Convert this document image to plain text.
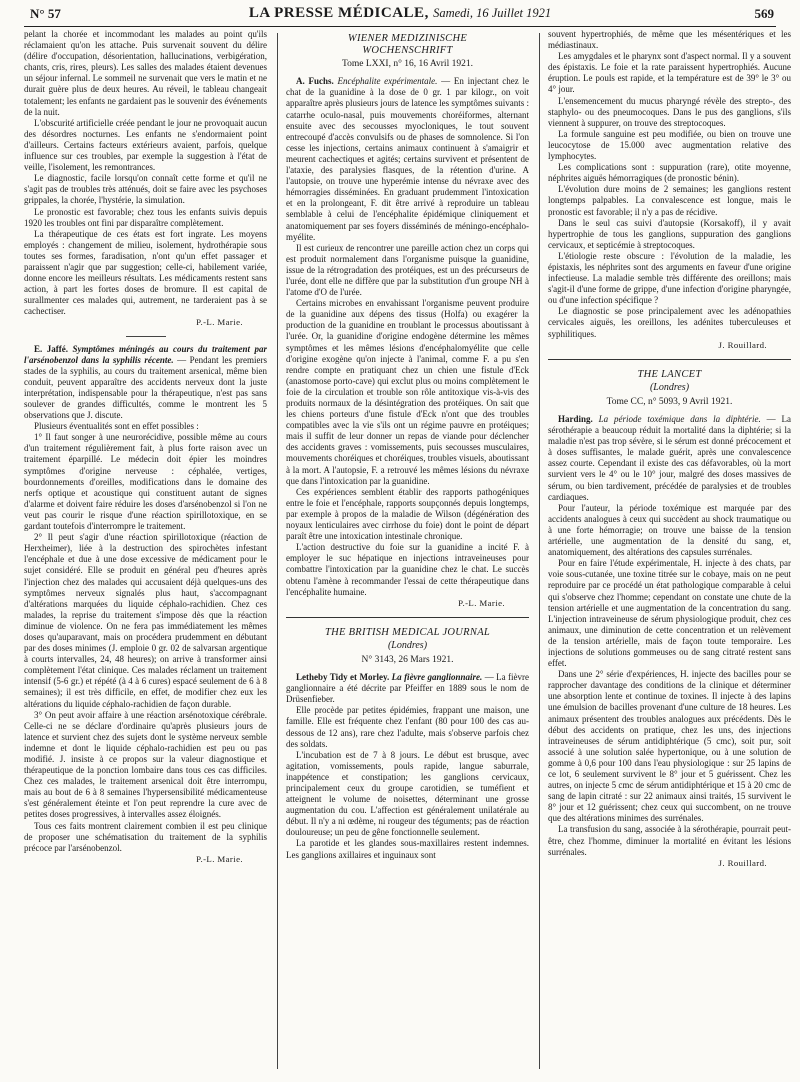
N° 57	LA PRESSE MÉDICALE, Samedi, 16 Juillet 1921	569

pelant la chorée et incommodant les malades au point qu'ils réclamaient qu'on les attache. Puis survenait souvent du délire (délire d'occupation, désorientation, hallucinations, verbigération, chants, cris, rires, pleurs). Les salles des malades étaient devenues un séjour infernal. Le sommeil ne survenait que vers le matin et ne durait guère plus de deux heures. Au réveil, le tableau changeait totalement; les enfants ne gardaient pas le souvenir des événements de la nuit.

L'obscurité artificielle créée pendant le jour ne provoquait aucun des désordres nocturnes. Les enfants ne s'endormaient point d'ailleurs. Certains facteurs extérieurs avaient, parfois, quelque influence sur ces troubles, par exemple la suggestion à l'état de veille, l'isolement, les remontrances.

Le diagnostic, facile lorsqu'on connaît cette forme et qu'il ne s'agit pas de troubles très atténués, doit se faire avec les psychoses grippales, la chorée, l'hystérie, la simulation.

Le pronostic est favorable; chez tous les enfants suivis depuis 1920 les troubles ont fini par disparaître complètement.

La thérapeutique de ces états est fort ingrate. Les moyens employés : changement de milieu, isolement, hydrothérapie sous toutes ses formes, faradisation, n'ont qu'un effet passager et paraissent n'agir que par suggestion; celle-ci, habilement variée, donne encore les meilleurs résultats. Les médicaments restent sans action, à part les fortes doses de bromure. Il est capital de surallmenter ces malades qui, autrement, ne tarderaient pas à se cachectiser.

P.-L. Marie.

E. Jaffé. Symptômes méningés au cours du traitement par l'arsénobenzol dans la syphilis récente. — Pendant les premiers stades de la syphilis, au cours du traitement arsenical, même bien conduit, peuvent apparaître des accidents nerveux dont la juste interprétation, indispensable pour la thérapeutique, n'est pas sans soulever de grandes difficultés, comme le montrent les 5 observations que J. discute.

Plusieurs éventualités sont en effet possibles :

1° Il faut songer à une neurorécidive, possible même au cours d'un traitement régulièrement fait, à plus forte raison avec un traitement éparpillé. Le médecin doit épier les moindres symptômes d'origine nerveuse : céphalée, vertiges, bourdonnements d'oreilles, modifications dans le domaine des nerfs optique et acoustique qui constituent autant de signes d'alarme et doivent faire réduire les doses d'arsénobenzol si l'on ne veut pas courir le risque d'une réaction spirillotoxique, en se gardant toutefois d'interrompre le traitement.

2° Il peut s'agir d'une réaction spirillotoxique (réaction de Herxheimer), liée à la destruction des spirochètes infestant l'encéphale et due à une dose excessive de médicament pour le sujet considéré. Elle se produit en général peu d'heures après l'injection chez des malades qui accusaient déjà quelques-uns des symptômes nerveux signalés plus haut, s'accompagnant d'altérations marquées du liquide céphalo-rachidien. Chez ces malades, la reprise du traitement s'impose dès que la réaction diminue de violence. On ne fera pas immédiatement les mêmes doses qu'auparavant, mais on procédera prudemment en débutant par des doses minimes (J. emploie 0 gr. 02 de salvarsan argentique à courts intervalles, 24, 48 heures); on arrive à transformer ainsi complètement l'état clinique. Ces malades réclament un traitement intensif (5-6 gr.) et répété (à 4 à 6 cures) espacé seulement de 6 à 8 semaines); il est très difficile, en effet, de modifier chez eux les altérations du liquide céphalo-rachidien de façon durable.

3° On peut avoir affaire à une réaction arsénotoxique cérébrale. Celle-ci ne se déclare d'ordinaire qu'après plusieurs jours de latence et survient chez des sujets dont le système nerveux semble indemne et dont le liquide céphalo-rachidien est peu ou pas modifié. J. insiste à ce propos sur la valeur diagnostique et thérapeutique de la ponction lombaire dans tous ces cas difficiles. Chez ces malades, le traitement arsenical doit être interrompu, mais au bout de 6 à 8 semaines l'hypersensibilité médicamenteuse s'est généralement éteinte et l'on peut reprendre la cure avec de petites doses progressives, à intervalles assez éloignés.

Tous ces faits montrent clairement combien il est peu clinique de proposer une schématisation du traitement de la syphilis précoce par l'arsénobenzol.

P.-L. Marie.

WIENER MEDIZINISCHE

WOCHENSCHRIFT

Tome LXXI, n° 16, 16 Avril 1921.

A. Fuchs. Encéphalite expérimentale. — En injectant chez le chat de la guanidine à la dose de 0 gr. 1 par kilogr., on voit apparaître après plusieurs jours de latence les symptômes suivants : catarrhe oculo-nasal, puis mouvements choréiformes, alternant ensuite avec des secousses myocloniques, le tout souvent entrecoupé d'accès convulsifs ou de phases de somnolence. Si l'on cesse les injections, certains animaux continuent à s'amaigrir et meurent cachectiques et agités; certains survivent et présentent de l'ataxie, des paralysies flasques, de la rétention d'urine. A l'autopsie, on trouve une hyperémie intense du névraxe avec des hémorragies disséminées. En graduant prudemment l'intoxication et en la prolongeant, F. dit être arrivé à reproduire un tableau semblable à celui de l'encéphalite épidémique cliniquement et anatomiquement par ses foyers disséminés de méningo-encéphalo-myélite.

Il est curieux de rencontrer une pareille action chez un corps qui est produit normalement dans l'organisme puisque la guanidine, issue de la rétrogradation des protéiques, est un des précurseurs de l'urée, dont elle ne diffère que par la substitution d'un groupe NH à l'atome d'O de l'urée.

Certains microbes en envahissant l'organisme peuvent produire de la guanidine aux dépens des tissus (Holfa) ou exagérer la production de la guanidine en troublant le processus aboutissant à l'urée. Or, la guanidine d'origine endogène détermine les mêmes symptômes et les mêmes lésions d'encéphalomyélite que celle d'origine exogène qu'on injecte à l'animal, comme F. a pu s'en rendre compte en pratiquant chez un chien une fistule d'Eck (anastomose porto-cave) qui exclut plus ou moins complètement le foie de la circulation et trouble son rôle antitoxique vis-à-vis des produits normaux de la désintégration des protéiques. On sait que les chiens porteurs d'une fistule d'Eck n'ont que des troubles compatibles avec la vie s'ils ont un régime pauvre en protéiques; mais il suffit de leur donner un repas de viande pour déclencher des accidents graves : vomissements, puis secousses musculaires, mouvements choréiques et choréiques, troubles visuels, aboutissant à la mort. A l'autopsie, F. a retrouvé les mêmes lésions du névraxe que dans l'intoxication par la guanidine.

Ces expériences semblent établir des rapports pathogéniques entre le foie et l'encéphale, rapports soupçonnés depuis longtemps, par exemple à propos de la maladie de Wilson (dégénération des noyaux lenticulaires avec cirrhose du foie) dont le point de départ paraît être une intoxication intestinale chronique.

L'action destructive du foie sur la guanidine a incité F. à employer le suc hépatique en injections intraveineuses pour combattre l'intoxication par la guanidine chez le chat. Le succès obtenu l'amène à recommander l'essai de cette thérapeutique dans l'encéphalite humaine.

P.-L. Marie.

THE BRITISH MEDICAL JOURNAL

(Londres)

N° 3143, 26 Mars 1921.

Letheby Tidy et Morley. La fièvre ganglionnaire. — La fièvre ganglionnaire a été décrite par Pfeiffer en 1889 sous le nom de Drüsenfieber.

Elle procède par petites épidémies, frappant une maison, une famille. Elle est fréquente chez l'enfant (80 pour 100 des cas au-dessous de 12 ans), rare chez l'adulte, mais s'observe parfois chez des soldats.

L'incubation est de 7 à 8 jours. Le début est brusque, avec agitation, vomissements, pouls rapide, langue saburrale, inappétence et constipation; les ganglions cervicaux, principalement ceux du groupe carotidien, se tuméfient et atteignent le volume de noisettes, déterminant une grosse augmentation du cou. L'affection est généralement unilatérale au début. Il n'y a ni œdème, ni rougeur des téguments; pas de réaction douloureuse; un peu de gêne fonctionnelle seulement.

La parotide et les glandes sous-maxillaires restent indemnes. Les ganglions axillaires et inguinaux sont

souvent hypertrophiés, de même que les mésentériques et les médiastinaux.

Les amygdales et le pharynx sont d'aspect normal. Il y a souvent des épistaxis. Le foie et la rate paraissent hypertrophiés. Aucune éruption. Le pouls est rapide, et la température est de 39° le 3° ou 4° jour.

L'ensemencement du mucus pharyngé révèle des strepto-, des staphylo- ou des pneumocoques. Dans le pus des ganglions, s'ils viennent à suppurer, on trouve des streptocoques.

La formule sanguine est peu modifiée, ou bien on trouve une leucocytose de 15.000 avec augmentation relative des lymphocytes.

Les complications sont : suppuration (rare), otite moyenne, néphrites aiguës hémorragiques (de pronostic bénin).

L'évolution dure moins de 2 semaines; les ganglions restent longtemps palpables. La convalescence est longue, mais le pronostic est favorable; il n'y a pas de récidive.

Dans le seul cas suivi d'autopsie (Korsakoff), il y avait hypertrophie de tous les ganglions, suppuration des ganglions cervicaux, et septicémie à streptocoques.

L'étiologie reste obscure : l'évolution de la maladie, les épistaxis, les néphrites sont des arguments en faveur d'une origine infectieuse. La maladie semble très différente des oreillons; mais s'agit-il d'une forme de grippe, d'une infection d'origine pharyngée, ou d'une infection spécifique ?

Le diagnostic se pose principalement avec les adénopathies cervicales aiguës, les oreillons, les adénites tuberculeuses et syphilitiques.

J. Rouillard.

THE LANCET

(Londres)

Tome CC, n° 5093, 9 Avril 1921.

Harding. La période toxémique dans la diphtérie. — La sérothérapie a beaucoup réduit la mortalité dans la diphtérie; si la maladie n'est pas trop sévère, si le sérum est donné précocement et à doses suffisantes, le malade guérit, après une convalescence assez courte. Cependant il existe des cas défavorables, où la mort survient vers le 4° ou le 10° jour, malgré des doses massives de sérum, ou bien tardivement, précédée de paralysies et de troubles cardiaques.

Pour l'auteur, la période toxémique est marquée par des accidents analogues à ceux qui succèdent au shock traumatique ou à une forte hémorragie; on trouve une baisse de la tension artérielle, une augmentation de la densité du sang, et, anatomiquement, des altérations des capsules surrénales.

Pour en faire l'étude expérimentale, H. injecte à des chats, par voie sous-cutanée, une toxine titrée sur le cobaye, mais on ne peut reproduire par ce procédé un état pathologique comparable à celui qui s'observe chez l'homme; cependant on constate une chute de la tension artérielle et une augmentation de la concentration du sang. L'injection intraveineuse de sérum physiologique produit, chez ces animaux, une diminution de cette concentration et un relèvement de la tension artérielle, mais de façon toute temporaire. Les injections de solutions gommeuses ou de sang citraté restent sans effet.

Dans une 2° série d'expériences, H. injecte des bacilles pour se rapprocher davantage des conditions de la clinique et déterminer une absorption lente et continue de toxines. Il injecte à des lapins une émulsion de bacilles provenant d'une culture de 18 heures. Les animaux présentent des troubles analogues aux précédents. Dès le début des accidents on pratique, chez les uns, des injections intraveineuses de sérum antidiphtérique (5 cmc), soit pur, soit associé à une solution salée hypertonique, ou à une solution de gomme à 0,6 pour 100 dans l'eau physiologique : sur 25 lapins de ce lot, 6 seulement survivent le 8° jour et 5 guérissent. Chez les autres, on injecte 5 cmc de sérum antidiphtérique et 15 à 20 cmc de sang de lapin citraté : sur 22 animaux ainsi traités, 15 survivent le 8° jour et 12 guérissent; chez ceux qui succombent, on ne trouve que des altérations minimes des surrénales.

La transfusion du sang, associée à la sérothérapie, pourrait peut-être, chez l'homme, diminuer la mortalité en évitant les lésions surrénales.

J. Rouillard.
